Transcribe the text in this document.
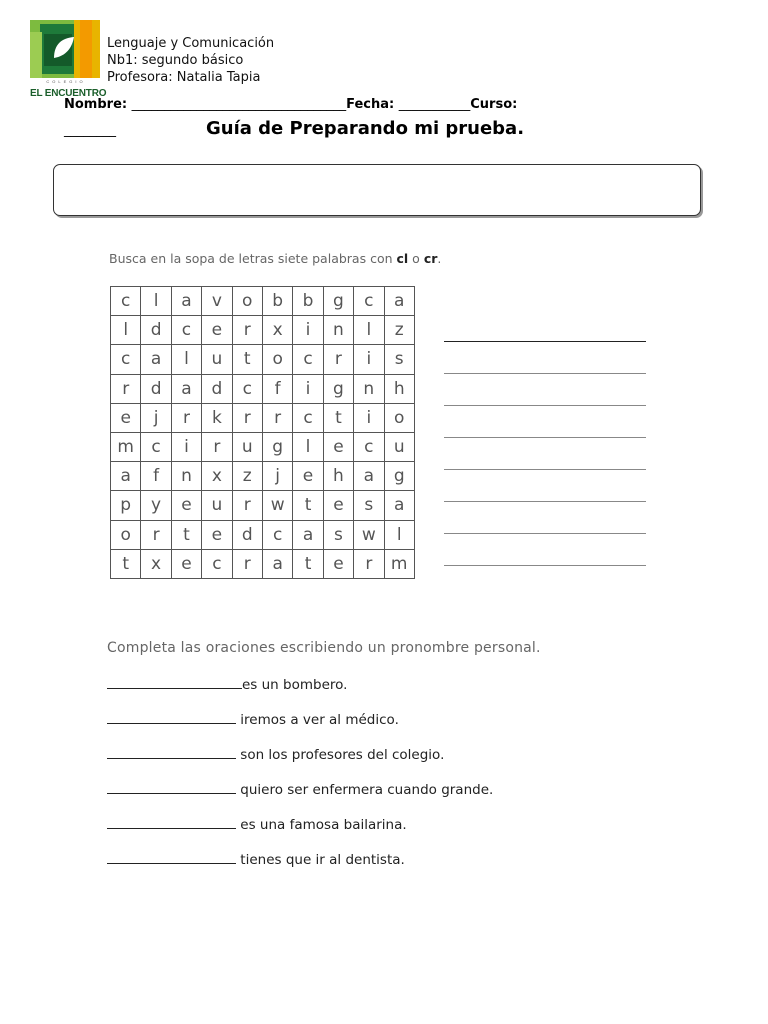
COLEGIO
EL ENCUENTRO
Lenguaje y Comunicación
Nb1: segundo básico
Profesora: Natalia Tapia
Nombre: _________________________________Fecha: ___________Curso:
________	Guía de Preparando mi prueba.
Busca en la sopa de letras siete palabras con cl o cr.
c	l	a	v	o	b	b	g	c	a
l	d	c	e	r	x	i	n	l	z
c	a	l	u	t	o	c	r	i	s
r	d	a	d	c	f	i	g	n	h
e	j	r	k	r	r	c	t	i	o
m	c	i	r	u	g	l	e	c	u
a	f	n	x	z	j	e	h	a	g
p	y	e	u	r	w	t	e	s	a
o	r	t	e	d	c	a	s	w	l
t	x	e	c	r	a	t	e	r	m
Completa las oraciones escribiendo un pronombre personal.
es un bombero.
iremos a ver al médico.
son los profesores del colegio.
quiero ser enfermera cuando grande.
es una famosa bailarina.
tienes que ir al dentista.
